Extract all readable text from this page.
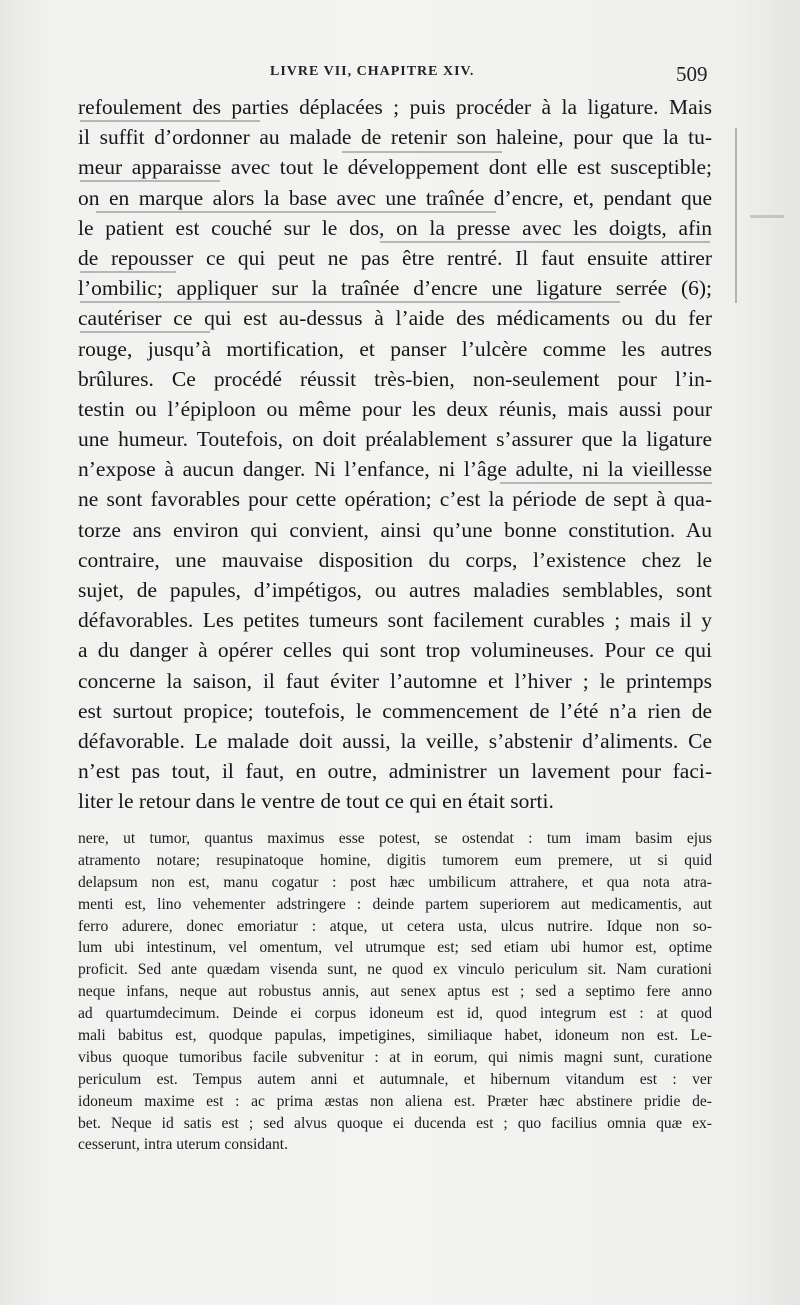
LIVRE VII, CHAPITRE XIV.	509

refoulement des parties déplacées ; puis procéder à la ligature. Mais
il suffit d’ordonner au malade de retenir son haleine, pour que la tu-
meur apparaisse avec tout le développement dont elle est susceptible;
on en marque alors la base avec une traînée d’encre, et, pendant que
le patient est couché sur le dos, on la presse avec les doigts, afin
de repousser ce qui peut ne pas être rentré. Il faut ensuite attirer
l’ombilic; appliquer sur la traînée d’encre une ligature serrée (6);
cautériser ce qui est au-dessus à l’aide des médicaments ou du fer
rouge, jusqu’à mortification, et panser l’ulcère comme les autres
brûlures. Ce procédé réussit très-bien, non-seulement pour l’in-
testin ou l’épiploon ou même pour les deux réunis, mais aussi pour
une humeur. Toutefois, on doit préalablement s’assurer que la ligature
n’expose à aucun danger. Ni l’enfance, ni l’âge adulte, ni la vieillesse
ne sont favorables pour cette opération; c’est la période de sept à qua-
torze ans environ qui convient, ainsi qu’une bonne constitution. Au
contraire, une mauvaise disposition du corps, l’existence chez le
sujet, de papules, d’impétigos, ou autres maladies semblables, sont
défavorables. Les petites tumeurs sont facilement curables ; mais il y
a du danger à opérer celles qui sont trop volumineuses. Pour ce qui
concerne la saison, il faut éviter l’automne et l’hiver ; le printemps
est surtout propice; toutefois, le commencement de l’été n’a rien de
défavorable. Le malade doit aussi, la veille, s’abstenir d’aliments. Ce
n’est pas tout, il faut, en outre, administrer un lavement pour faci-
liter le retour dans le ventre de tout ce qui en était sorti.
nere, ut tumor, quantus maximus esse potest, se ostendat : tum imam basim ejus
atramento notare; resupinatoque homine, digitis tumorem eum premere, ut si quid
delapsum non est, manu cogatur : post hæc umbilicum attrahere, et qua nota atra-
menti est, lino vehementer adstringere : deinde partem superiorem aut medicamentis, aut
ferro adurere, donec emoriatur : atque, ut cetera usta, ulcus nutrire. Idque non so-
lum ubi intestinum, vel omentum, vel utrumque est; sed etiam ubi humor est, optime
proficit. Sed ante quædam visenda sunt, ne quod ex vinculo periculum sit. Nam curationi
neque infans, neque aut robustus annis, aut senex aptus est ; sed a septimo fere anno
ad quartumdecimum. Deinde ei corpus idoneum est id, quod integrum est : at quod
mali babitus est, quodque papulas, impetigines, similiaque habet, idoneum non est. Le-
vibus quoque tumoribus facile subvenitur : at in eorum, qui nimis magni sunt, curatione
periculum est. Tempus autem anni et autumnale, et hibernum vitandum est : ver
idoneum maxime est : ac prima æstas non aliena est. Præter hæc abstinere pridie de-
bet. Neque id satis est ; sed alvus quoque ei ducenda est ; quo facilius omnia quæ ex-
cesserunt, intra uterum considant.
